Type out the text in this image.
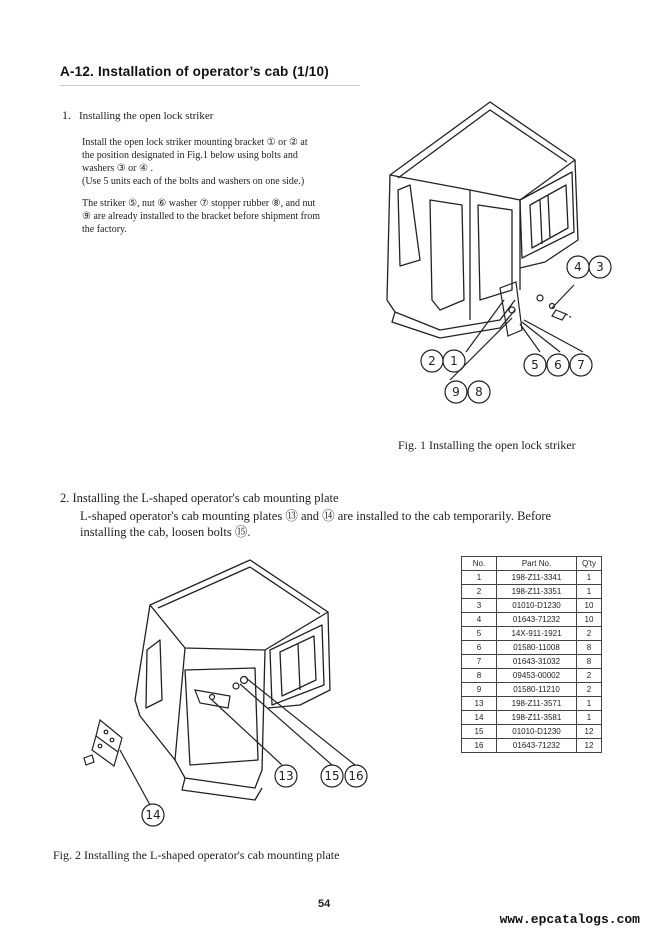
A-12. Installation of operator’s cab (1/10)
1. Installing the open lock striker
Install the open lock striker mounting bracket ① or ② at
the position designated in Fig.1 below using bolts and
washers ③ or ④ .
(Use 5 units each of the bolts and washers on one side.)
The striker ⑤, nut ⑥ washer ⑦ stopper rubber ⑧, and nut
⑨ are already installed to the bracket before shipment from
the factory.
4 3
2 1	5 6 7
9 8
Fig. 1 Installing the open lock striker
2. Installing the L-shaped operator's cab mounting plate
L-shaped operator's cab mounting plates ⑬ and ⑭ are installed to the cab temporarily. Before
installing the cab, loosen bolts ⑮.
13	15 16
14
No.	Part No.	Q'ty
1	198-Z11-3341	1
2	198-Z11-3351	1
3	01010-D1230	10
4	01643-71232	10
5	14X-911-1921	2
6	01580-11008	8
7	01643-31032	8
8	09453-00002	2
9	01580-11210	2
13	198-Z11-3571	1
14	198-Z11-3581	1
15	01010-D1230	12
16	01643-71232	12
Fig. 2 Installing the L-shaped operator's cab mounting plate
54
www.epcatalogs.com
